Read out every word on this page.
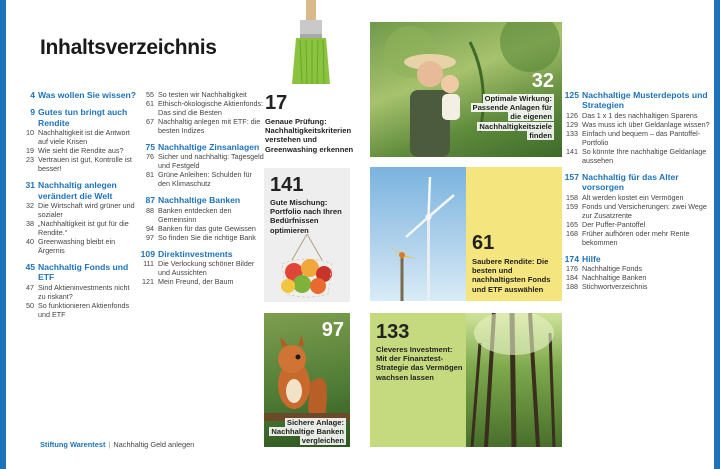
Inhaltsverzeichnis
4 Was wollen Sie wissen?
9 Gutes tun bringt auch Rendite
10 Nachhaltigkeit ist die Antwort auf viele Krisen
19 Wie sieht die Rendite aus?
23 Vertrauen ist gut, Kontrolle ist besser!
31 Nachhaltig anlegen verändert die Welt
32 Die Wirtschaft wird grüner und sozialer
38 „Nachhaltigkeit ist gut für die Rendite.“
40 Greenwashing bleibt ein Ärgernis
45 Nachhaltig Fonds und ETF
47 Sind Aktieninvestments nicht zu riskant?
50 So funktionieren Aktienfonds und ETF
55 So testen wir Nachhaltigkeit
61 Ethisch-ökologische Aktienfonds: Das sind die Besten
67 Nachhaltig anlegen mit ETF: die besten Indizes
75 Nachhaltige Zinsanlagen
76 Sicher und nachhaltig: Tagesgeld und Festgeld
81 Grüne Anleihen: Schulden für den Klimaschutz
87 Nachhaltige Banken
88 Banken entdecken den Gemeinsinn
94 Banken für das gute Gewissen
97 So finden Sie die richtige Bank
109 Direktinvestments
111 Die Verlockung schöner Bilder und Aussichten
121 Mein Freund, der Baum
125 Nachhaltige Musterdepots und Strategien
126 Das 1 x 1 des nachhaltigen Sparens
129 Was muss ich über Geldanlage wissen?
133 Einfach und bequem – das Pantoffel-Portfolio
141 So könnte Ihre nachhaltige Geldanlage aussehen
157 Nachhaltig für das Alter vorsorgen
158 Alt werden kostet ein Vermögen
159 Fonds und Versicherungen: zwei Wege zur Zusatzrente
165 Der Puffer-Pantoffel
168 Früher aufhören oder mehr Rente bekommen
174 Hilfe
176 Nachhaltige Fonds
184 Nachhaltige Banken
188 Stichwortverzeichnis
17
Genaue Prüfung: Nachhaltigkeitskriterien verstehen und Greenwashing erkennen
141
Gute Mischung: Portfolio nach Ihren Bedürfnissen optimieren
32
Optimale Wirkung: Passende Anlagen für die eigenen Nachhaltigkeitsziele finden
61
Saubere Rendite: Die besten und nachhaltigsten Fonds und ETF auswählen
97
Sichere Anlage: Nachhaltige Banken vergleichen
133
Cleveres Investment: Mit der Finanztest-Strategie das Vermögen wachsen lassen
Stiftung Warentest | Nachhaltig Geld anlegen
